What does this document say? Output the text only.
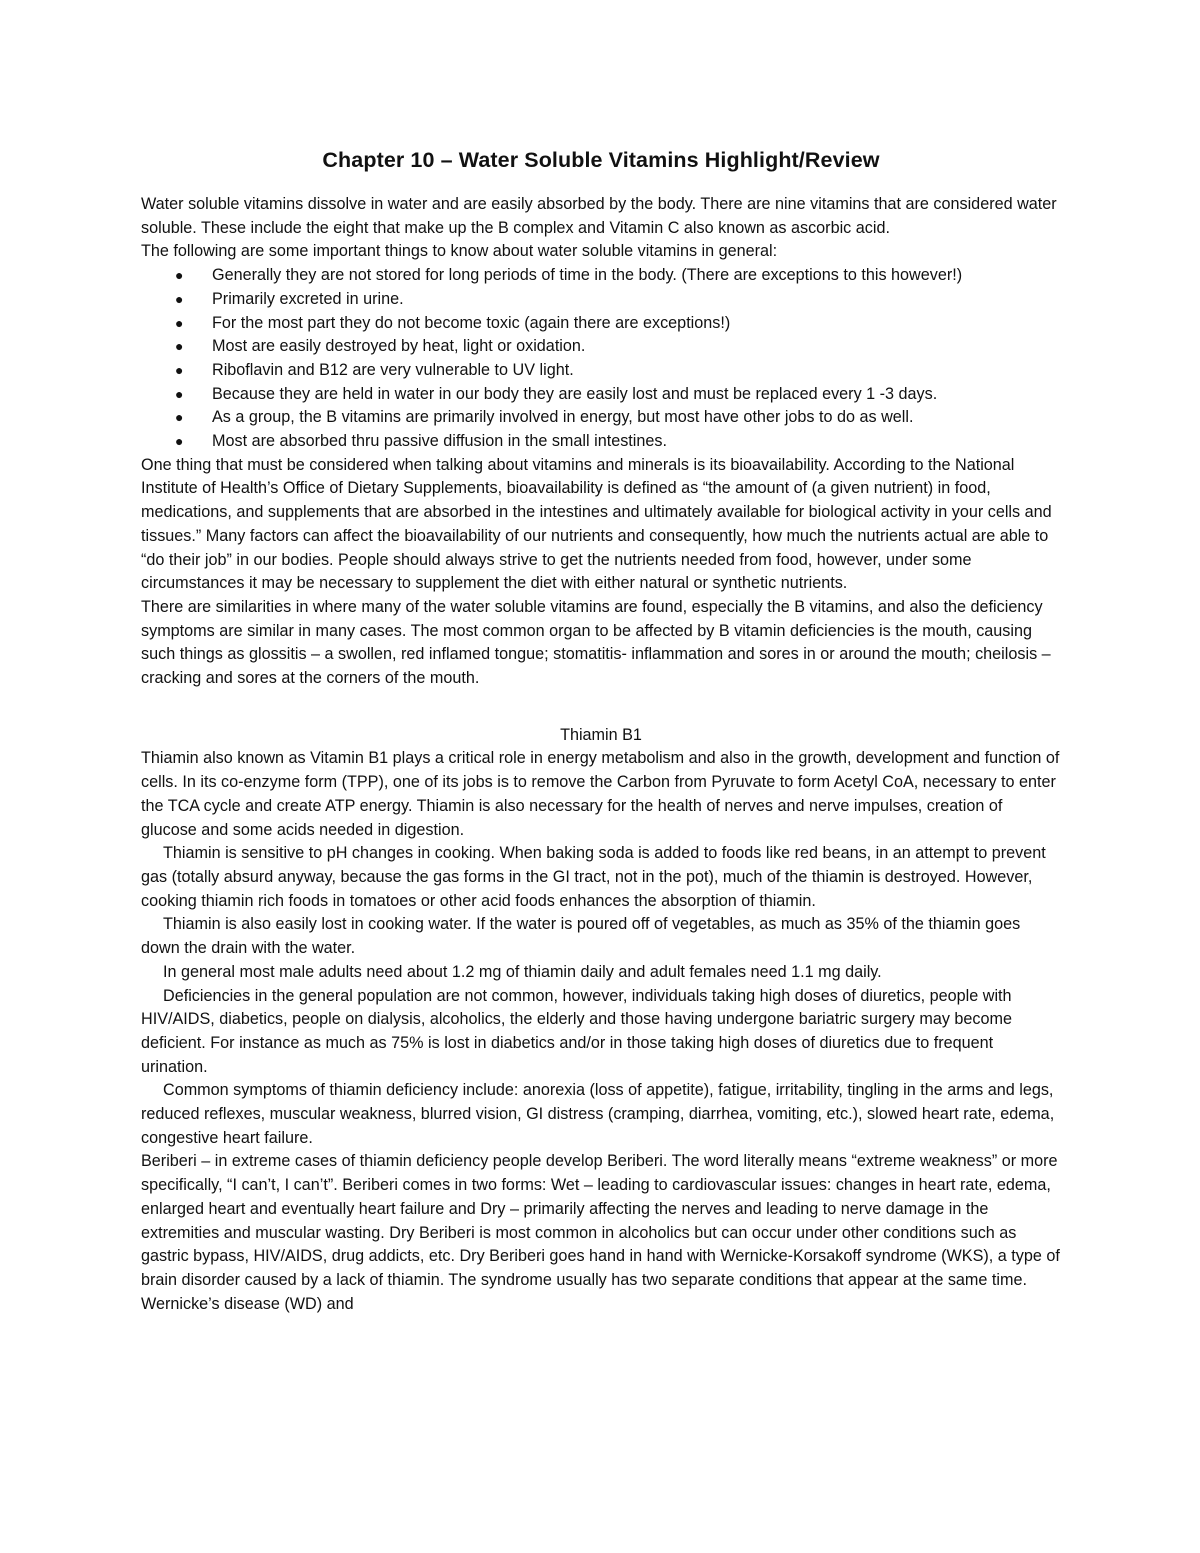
Chapter 10 – Water Soluble Vitamins Highlight/Review

Water soluble vitamins dissolve in water and are easily absorbed by the body. There are nine vitamins that are considered water soluble. These include the eight that make up the B complex and Vitamin C also known as ascorbic acid.

The following are some important things to know about water soluble vitamins in general:

● Generally they are not stored for long periods of time in the body. (There are exceptions to this however!)
● Primarily excreted in urine.
● For the most part they do not become toxic (again there are exceptions!)
● Most are easily destroyed by heat, light or oxidation.
● Riboflavin and B12 are very vulnerable to UV light.
● Because they are held in water in our body they are easily lost and must be replaced every 1 -3 days.
● As a group, the B vitamins are primarily involved in energy, but most have other jobs to do as well.
● Most are absorbed thru passive diffusion in the small intestines.

One thing that must be considered when talking about vitamins and minerals is its bioavailability. According to the National Institute of Health’s Office of Dietary Supplements, bioavailability is defined as “the amount of (a given nutrient) in food, medications, and supplements that are absorbed in the intestines and ultimately available for biological activity in your cells and tissues.” Many factors can affect the bioavailability of our nutrients and consequently, how much the nutrients actual are able to “do their job” in our bodies. People should always strive to get the nutrients needed from food, however, under some circumstances it may be necessary to supplement the diet with either natural or synthetic nutrients.

There are similarities in where many of the water soluble vitamins are found, especially the B vitamins, and also the deficiency symptoms are similar in many cases. The most common organ to be affected by B vitamin deficiencies is the mouth, causing such things as glossitis – a swollen, red inflamed tongue; stomatitis- inflammation and sores in or around the mouth; cheilosis –cracking and sores at the corners of the mouth.

Thiamin B1

Thiamin also known as Vitamin B1 plays a critical role in energy metabolism and also in the growth, development and function of cells. In its co-enzyme form (TPP), one of its jobs is to remove the Carbon from Pyruvate to form Acetyl CoA, necessary to enter the TCA cycle and create ATP energy. Thiamin is also necessary for the health of nerves and nerve impulses, creation of glucose and some acids needed in digestion.

Thiamin is sensitive to pH changes in cooking. When baking soda is added to foods like red beans, in an attempt to prevent gas (totally absurd anyway, because the gas forms in the GI tract, not in the pot), much of the thiamin is destroyed. However, cooking thiamin rich foods in tomatoes or other acid foods enhances the absorption of thiamin.

Thiamin is also easily lost in cooking water. If the water is poured off of vegetables, as much as 35% of the thiamin goes down the drain with the water.

In general most male adults need about 1.2 mg of thiamin daily and adult females need 1.1 mg daily.

Deficiencies in the general population are not common, however, individuals taking high doses of diuretics, people with HIV/AIDS, diabetics, people on dialysis, alcoholics, the elderly and those having undergone bariatric surgery may become deficient. For instance as much as 75% is lost in diabetics and/or in those taking high doses of diuretics due to frequent urination.

Common symptoms of thiamin deficiency include: anorexia (loss of appetite), fatigue, irritability, tingling in the arms and legs, reduced reflexes, muscular weakness, blurred vision, GI distress (cramping, diarrhea, vomiting, etc.), slowed heart rate, edema, congestive heart failure.

Beriberi – in extreme cases of thiamin deficiency people develop Beriberi. The word literally means “extreme weakness” or more specifically, “I can’t, I can’t”. Beriberi comes in two forms: Wet – leading to cardiovascular issues: changes in heart rate, edema, enlarged heart and eventually heart failure and Dry – primarily affecting the nerves and leading to nerve damage in the extremities and muscular wasting. Dry Beriberi is most common in alcoholics but can occur under other conditions such as gastric bypass, HIV/AIDS, drug addicts, etc. Dry Beriberi goes hand in hand with Wernicke-Korsakoff syndrome (WKS), a type of brain disorder caused by a lack of thiamin. The syndrome usually has two separate conditions that appear at the same time. Wernicke’s disease (WD) and
